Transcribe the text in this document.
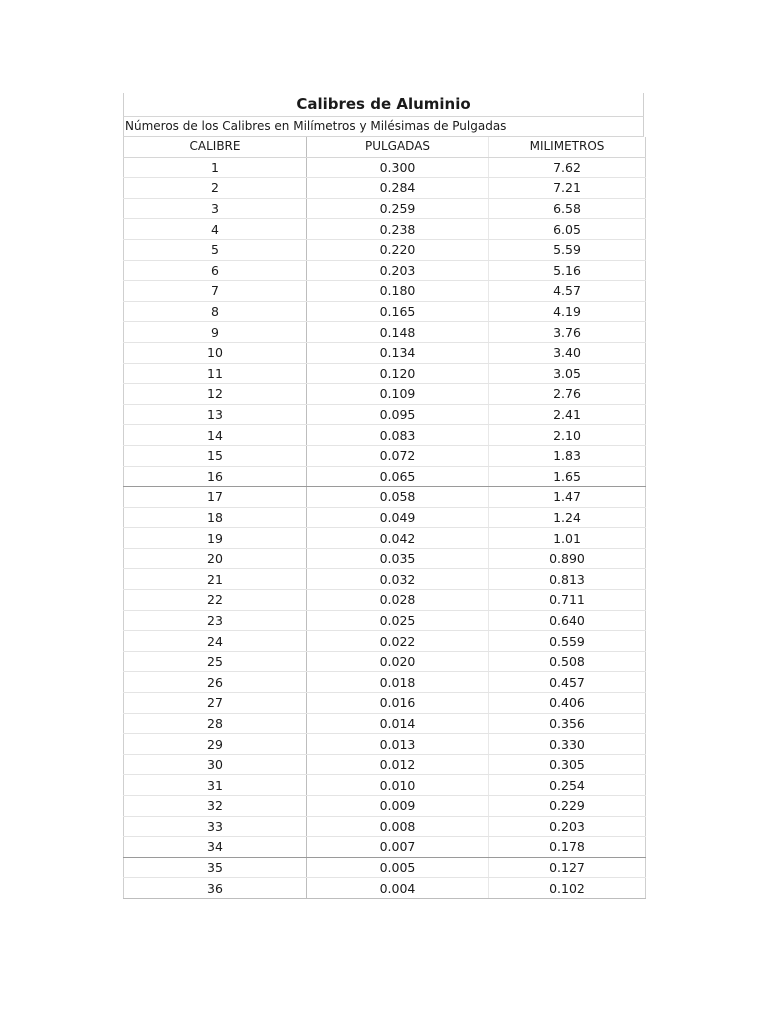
Calibres de Aluminio
Números de los Calibres en Milímetros y Milésimas de Pulgadas
CALIBRE	PULGADAS	MILIMETROS
1	0.300	7.62
2	0.284	7.21
3	0.259	6.58
4	0.238	6.05
5	0.220	5.59
6	0.203	5.16
7	0.180	4.57
8	0.165	4.19
9	0.148	3.76
10	0.134	3.40
11	0.120	3.05
12	0.109	2.76
13	0.095	2.41
14	0.083	2.10
15	0.072	1.83
16	0.065	1.65
17	0.058	1.47
18	0.049	1.24
19	0.042	1.01
20	0.035	0.890
21	0.032	0.813
22	0.028	0.711
23	0.025	0.640
24	0.022	0.559
25	0.020	0.508
26	0.018	0.457
27	0.016	0.406
28	0.014	0.356
29	0.013	0.330
30	0.012	0.305
31	0.010	0.254
32	0.009	0.229
33	0.008	0.203
34	0.007	0.178
35	0.005	0.127
36	0.004	0.102
